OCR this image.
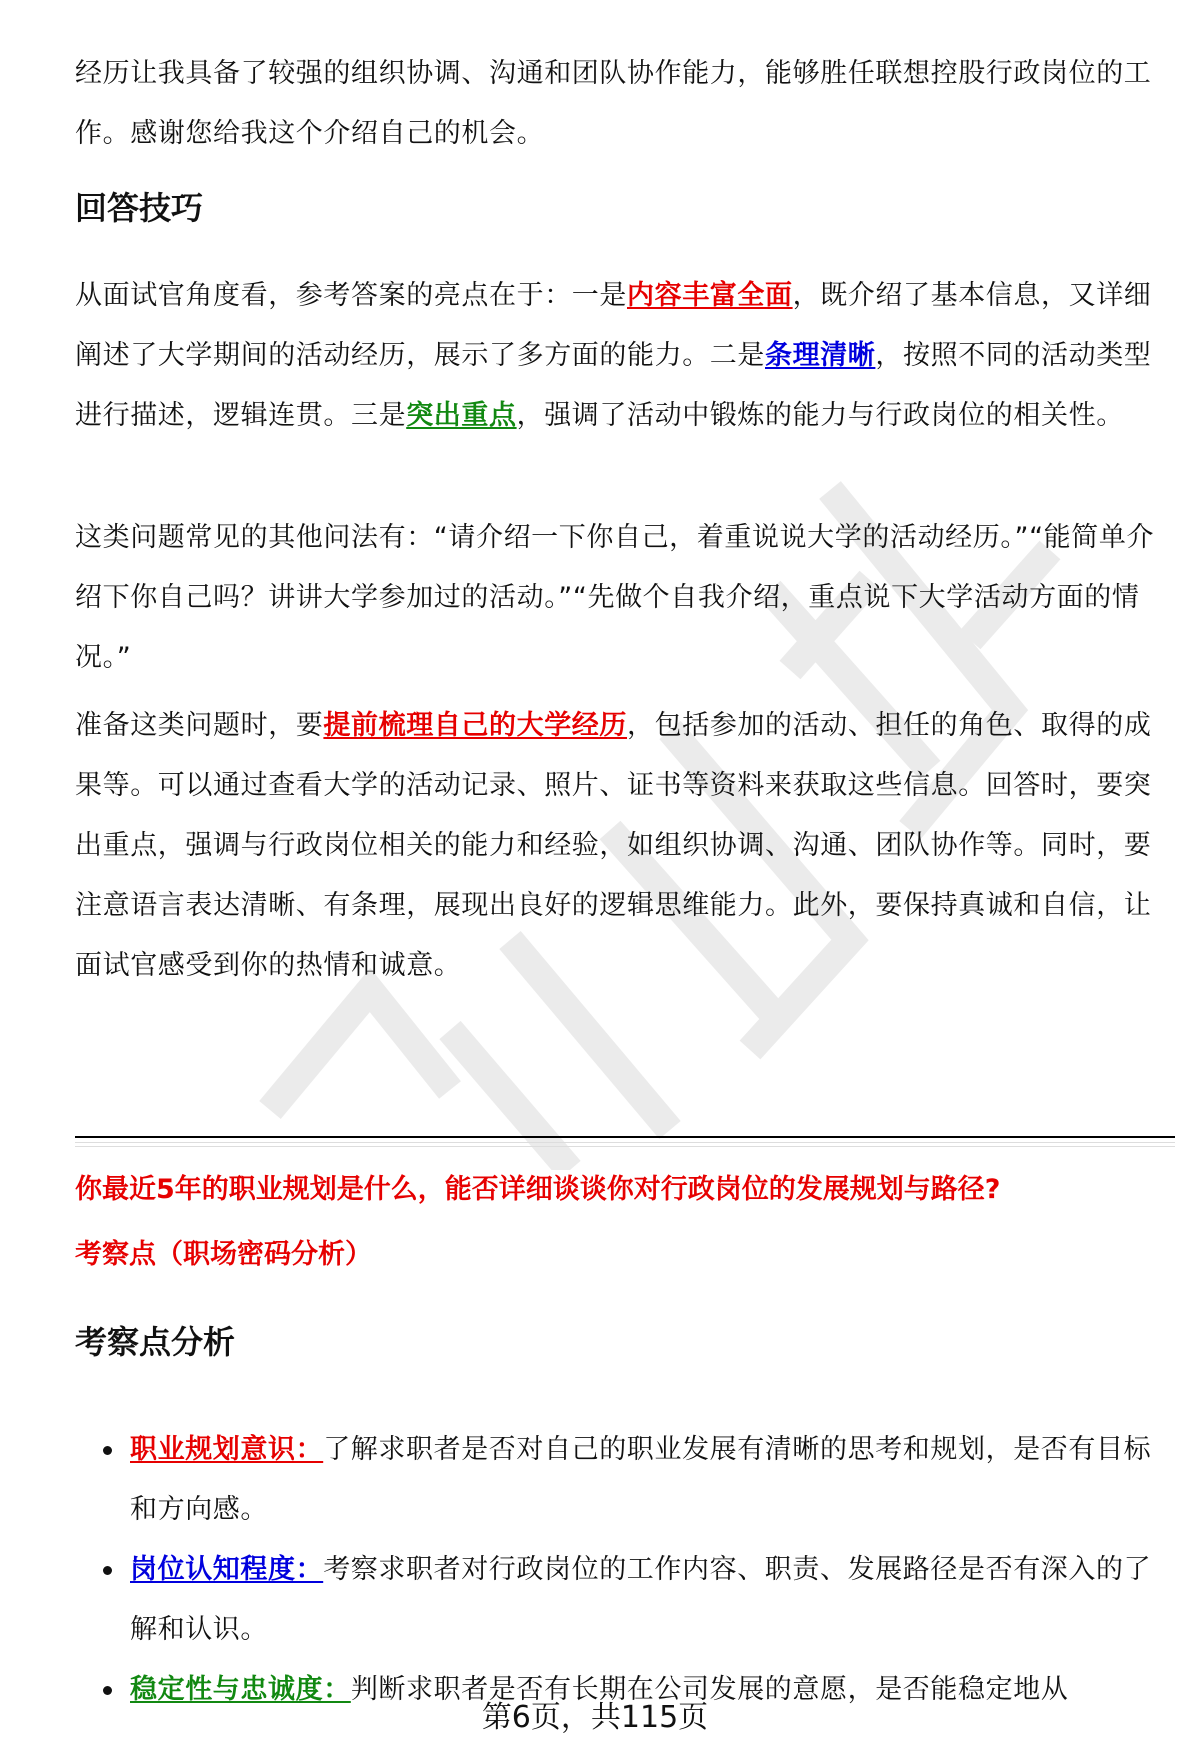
经历让我具备了较强的组织协调、沟通和团队协作能力，能够胜任联想控股行政岗位的工作。感谢您给我这个介绍自己的机会。

回答技巧

从面试官角度看，参考答案的亮点在于：一是内容丰富全面，既介绍了基本信息，又详细阐述了大学期间的活动经历，展示了多方面的能力。二是条理清晰，按照不同的活动类型进行描述，逻辑连贯。三是突出重点，强调了活动中锻炼的能力与行政岗位的相关性。

这类问题常见的其他问法有：“请介绍一下你自己，着重说说大学的活动经历。”“能简单介绍下你自己吗？讲讲大学参加过的活动。”“先做个自我介绍，重点说下大学活动方面的情况。”

准备这类问题时，要提前梳理自己的大学经历，包括参加的活动、担任的角色、取得的成果等。可以通过查看大学的活动记录、照片、证书等资料来获取这些信息。回答时，要突出重点，强调与行政岗位相关的能力和经验，如组织协调、沟通、团队协作等。同时，要注意语言表达清晰、有条理，展现出良好的逻辑思维能力。此外，要保持真诚和自信，让面试官感受到你的热情和诚意。

你最近5年的职业规划是什么，能否详细谈谈你对行政岗位的发展规划与路径?

考察点（职场密码分析）

考察点分析
职业规划意识：了解求职者是否对自己的职业发展有清晰的思考和规划，是否有目标和方向感。
岗位认知程度：考察求职者对行政岗位的工作内容、职责、发展路径是否有深入的了解和认识。
稳定性与忠诚度：判断求职者是否有长期在公司发展的意愿，是否能稳定地从
第6页，共115页
